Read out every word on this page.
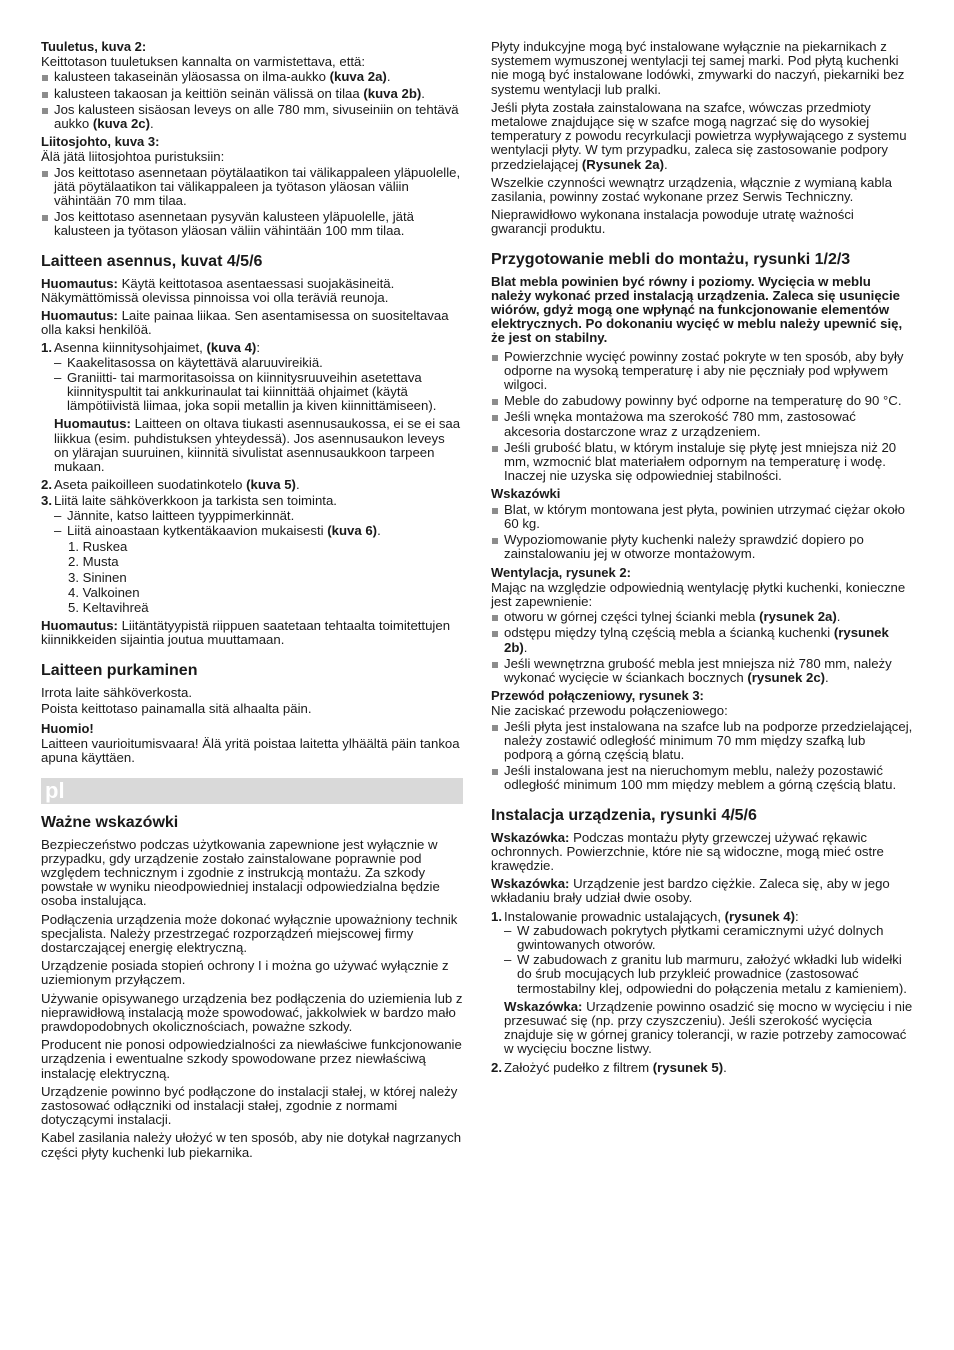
Tuuletus, kuva 2:

Keittotason tuuletuksen kannalta on varmistettava, että:

kalusteen takaseinän yläosassa on ilma-aukko (kuva 2a).
kalusteen takaosan ja keittiön seinän välissä on tilaa (kuva 2b).
Jos kalusteen sisäosan leveys on alle 780 mm, sivuseiniin on tehtävä aukko (kuva 2c).
Liitosjohto, kuva 3:

Älä jätä liitosjohtoa puristuksiin:

Jos keittotaso asennetaan pöytälaatikon tai välikappaleen yläpuolelle, jätä pöytälaatikon tai välikappaleen ja työtason yläosan väliin vähintään 70 mm tilaa.
Jos keittotaso asennetaan pysyvän kalusteen yläpuolelle, jätä kalusteen ja työtason yläosan väliin vähintään 100 mm tilaa.
Laitteen asennus, kuvat 4/5/6

Huomautus: Käytä keittotasoa asentaessasi suojakäsineitä. Näkymättömissä olevissa pinnoissa voi olla teräviä reunoja.

Huomautus: Laite painaa liikaa. Sen asentamisessa on suositeltavaa olla kaksi henkilöä.

1. Asenna kiinnitysohjaimet, (kuva 4):
– Kaakelitasossa on käytettävä alaruuvireikiä.
– Graniitti- tai marmoritasoissa on kiinnitysruuveihin asetettava kiinnityspultit tai ankkurinaulat tai kiinnittää ohjaimet (käytä lämpötiivistä liimaa, joka sopii metallin ja kiven kiinnittämiseen).

Huomautus: Laitteen on oltava tiukasti asennusaukossa, ei se ei saa liikkua (esim. puhdistuksen yhteydessä). Jos asennusaukon leveys on ylärajan suuruinen, kiinnitä sivulistat asennusaukkoon tarpeen mukaan.

2. Aseta paikoilleen suodatinkotelo (kuva 5).
3. Liitä laite sähköverkkoon ja tarkista sen toiminta.
– Jännite, katso laitteen tyyppimerkinnät.
– Liitä ainoastaan kytkentäkaavion mukaisesti (kuva 6).
1. Ruskea
2. Musta
3. Sininen
4. Valkoinen
5. Keltavihreä

Huomautus: Liitäntätyypistä riippuen saatetaan tehtaalta toimitettujen kiinnikkeiden sijaintia joutua muuttamaan.

Laitteen purkaminen

Irrota laite sähköverkosta.

Poista keittotaso painamalla sitä alhaalta päin.

Huomio!

Laitteen vaurioitumisvaara! Älä yritä poistaa laitetta ylhäältä päin tankoa apuna käyttäen.

pl
Ważne wskazówki

Bezpieczeństwo podczas użytkowania zapewnione jest wyłącznie w przypadku, gdy urządzenie zostało zainstalowane poprawnie pod względem technicznym i zgodnie z instrukcją montażu. Za szkody powstałe w wyniku nieodpowiedniej instalacji odpowiedzialna będzie osoba instalująca.

Podłączenia urządzenia może dokonać wyłącznie upoważniony technik specjalista. Należy przestrzegać rozporządzeń miejscowej firmy dostarczającej energię elektryczną.

Urządzenie posiada stopień ochrony I i można go używać wyłącznie z uziemionym przyłączem.

Używanie opisywanego urządzenia bez podłączenia do uziemienia lub z nieprawidłową instalacją może spowodować, jakkolwiek w bardzo mało prawdopodobnych okolicznościach, poważne szkody.

Producent nie ponosi odpowiedzialności za niewłaściwe funkcjonowanie urządzenia i ewentualne szkody spowodowane przez niewłaściwą instalację elektryczną.

Urządzenie powinno być podłączone do instalacji stałej, w której należy zastosować odłączniki od instalacji stałej, zgodnie z normami dotyczącymi instalacji.

Kabel zasilania należy ułożyć w ten sposób, aby nie dotykał nagrzanych części płyty kuchenki lub piekarnika.

Płyty indukcyjne mogą być instalowane wyłącznie na piekarnikach z systemem wymuszonej wentylacji tej samej marki. Pod płytą kuchenki nie mogą być instalowane lodówki, zmywarki do naczyń, piekarniki bez systemu wentylacji lub pralki.

Jeśli płyta została zainstalowana na szafce, wówczas przedmioty metalowe znajdujące się w szafce mogą nagrzać się do wysokiej temperatury z powodu recyrkulacji powietrza wypływającego z systemu wentylacji płyty. W tym przypadku, zaleca się zastosowanie podpory przedzielającej (Rysunek 2a).

Wszelkie czynności wewnątrz urządzenia, włącznie z wymianą kabla zasilania, powinny zostać wykonane przez Serwis Techniczny.

Nieprawidłowo wykonana instalacja powoduje utratę ważności gwarancji produktu.

Przygotowanie mebli do montażu, rysunki 1/2/3

Blat mebla powinien być równy i poziomy. Wycięcia w meblu należy wykonać przed instalacją urządzenia. Zaleca się usunięcie wiórów, gdyż mogą one wpłynąć na funkcjonowanie elementów elektrycznych. Po dokonaniu wycięć w meblu należy upewnić się, że jest on stabilny.

Powierzchnie wycięć powinny zostać pokryte w ten sposób, aby były odporne na wysoką temperaturę i aby nie pęczniały pod wpływem wilgoci.
Meble do zabudowy powinny być odporne na temperaturę do 90 °C.
Jeśli wnęka montażowa ma szerokość 780 mm, zastosować akcesoria dostarczone wraz z urządzeniem.
Jeśli grubość blatu, w którym instaluje się płytę jest mniejsza niż 20 mm, wzmocnić blat materiałem odpornym na temperaturę i wodę. Inaczej nie uzyska się odpowiedniej stabilności.
Wskazówki
Blat, w którym montowana jest płyta, powinien utrzymać ciężar około 60 kg.
Wypoziomowanie płyty kuchenki należy sprawdzić dopiero po zainstalowaniu jej w otworze montażowym.
Wentylacja, rysunek 2:

Mając na względzie odpowiednią wentylację płytki kuchenki, konieczne jest zapewnienie:

otworu w górnej części tylnej ścianki mebla (rysunek 2a).
odstępu między tylną częścią mebla a ścianką kuchenki (rysunek 2b).
Jeśli wewnętrzna grubość mebla jest mniejsza niż 780 mm, należy wykonać wycięcie w ściankach bocznych (rysunek 2c).
Przewód połączeniowy, rysunek 3:

Nie zaciskać przewodu połączeniowego:

Jeśli płyta jest instalowana na szafce lub na podporze przedzielającej, należy zostawić odległość minimum 70 mm między szafką lub podporą a górną częścią blatu.
Jeśli instalowana jest na nieruchomym meblu, należy pozostawić odległość minimum 100 mm między meblem a górną częścią blatu.
Instalacja urządzenia, rysunki 4/5/6

Wskazówka: Podczas montażu płyty grzewczej używać rękawic ochronnych. Powierzchnie, które nie są widoczne, mogą mieć ostre krawędzie.

Wskazówka: Urządzenie jest bardzo ciężkie. Zaleca się, aby w jego wkładaniu brały udział dwie osoby.

1. Instalowanie prowadnic ustalających, (rysunek 4):
– W zabudowach pokrytych płytkami ceramicznymi użyć dolnych gwintowanych otworów.
– W zabudowach z granitu lub marmuru, założyć wkładki lub widełki do śrub mocujących lub przykleić prowadnice (zastosować termostabilny klej, odpowiedni do połączenia metalu z kamieniem).

Wskazówka: Urządzenie powinno osadzić się mocno w wycięciu i nie przesuwać się (np. przy czyszczeniu). Jeśli szerokość wycięcia znajduje się w górnej granicy tolerancji, w razie potrzeby zamocować w wycięciu boczne listwy.

2. Założyć pudełko z filtrem (rysunek 5).
